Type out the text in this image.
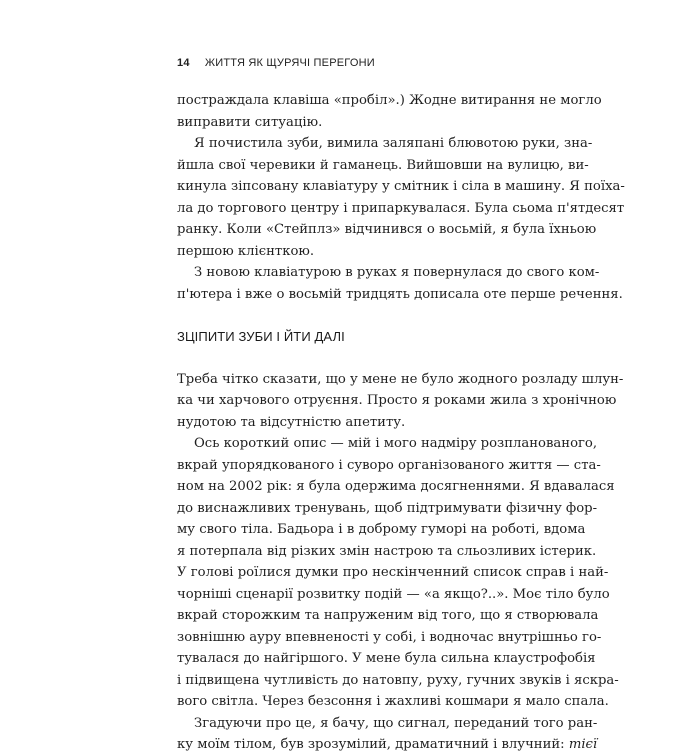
14 ЖИТТЯ ЯК ЩУРЯЧІ ПЕРЕГОНИ
постраждала клавіша «пробіл».) Жодне витирання не могло
виправити ситуацію.
Я почистила зуби, вимила заляпані блювотою руки, зна-
йшла свої черевики й гаманець. Вийшовши на вулицю, ви-
кинула зіпсовану клавіатуру у смітник і сіла в машину. Я поїха-
ла до торгового центру і припаркувалася. Була сьома п'ятдесят
ранку. Коли «Стейплз» відчинився о восьмій, я була їхньою
першою клієнткою.
З новою клавіатурою в руках я повернулася до свого ком-
п'ютера і вже о восьмій тридцять дописала оте перше речення.
ЗЦІПИТИ ЗУБИ І ЙТИ ДАЛІ
Треба чітко сказати, що у мене не було жодного розладу шлун-
ка чи харчового отруєння. Просто я роками жила з хронічною
нудотою та відсутністю апетиту.
Ось короткий опис — мій і мого надміру розпланованого,
вкрай упорядкованого і суворо організованого життя — ста-
ном на 2002 рік: я була одержима досягненнями. Я вдавалася
до виснажливих тренувань, щоб підтримувати фізичну фор-
му свого тіла. Бадьора і в доброму гуморі на роботі, вдома
я потерпала від різких змін настрою та сльозливих істерик.
У голові роїлися думки про нескінченний список справ і най-
чорніші сценарії розвитку подій — «а якщо?..». Моє тіло було
вкрай сторожким та напруженим від того, що я створювала
зовнішню ауру впевненості у собі, і водночас внутрішньо го-
тувалася до найгіршого. У мене була сильна клаустрофобія
і підвищена чутливість до натовпу, руху, гучних звуків і яскра-
вого світла. Через безсоння і жахливі кошмари я мало спала.
Згадуючи про це, я бачу, що сигнал, переданий того ран-
ку моїм тілом, був зрозумілий, драматичний і влучний: тієї
